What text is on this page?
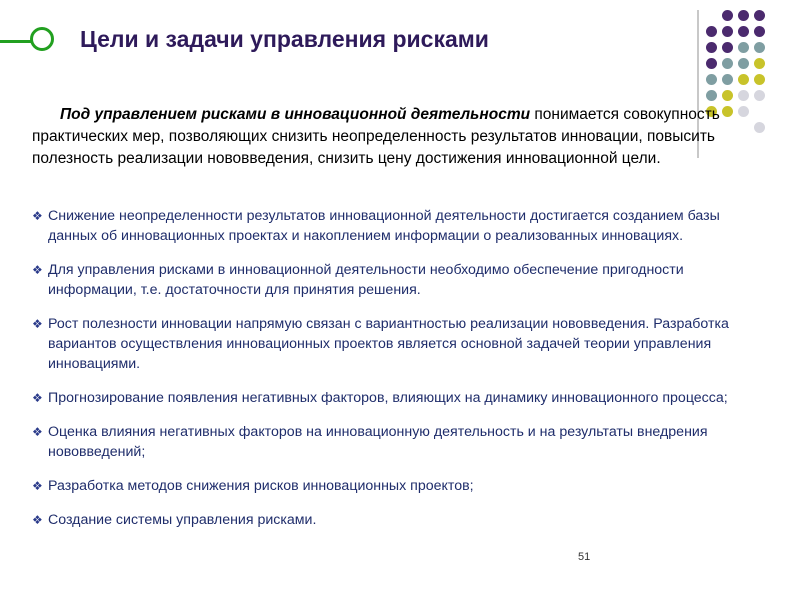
Цели и задачи управления рисками

Под управлением рисками в инновационной деятельности понимается совокупность практических мер, позволяющих снизить неопределенность результатов инновации, повысить полезность реализации нововведения, снизить цену достижения инновационной цели.

❖ Снижение неопределенности результатов инновационной деятельности достигается созданием базы данных об инновационных проектах и накоплением информации о реализованных инновациях.
❖ Для управления рисками в инновационной деятельности необходимо обеспечение пригодности информации, т.е. достаточности для принятия решения.
❖ Рост полезности инновации напрямую связан с вариантностью реализации нововведения. Разработка вариантов осуществления инновационных проектов является основной задачей теории управления инновациями.
❖ Прогнозирование появления негативных факторов, влияющих на динамику инновационного процесса;
❖ Оценка влияния негативных факторов на инновационную деятельность и на результаты внедрения нововведений;
❖ Разработка методов снижения рисков инновационных проектов;
❖ Создание системы управления рисками.
51
